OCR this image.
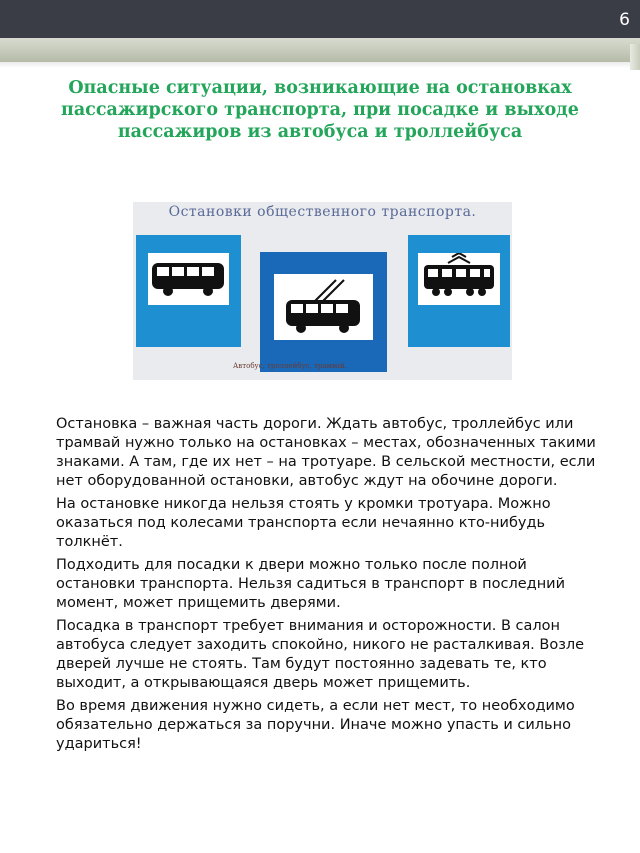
6
Опасные ситуации, возникающие на остановках пассажирского транспорта, при посадке и выходе пассажиров из автобуса и троллейбуса
Остановки общественного транспорта.
Автобус, троллейбус, трамвай.

Остановка – важная часть дороги. Ждать автобус, троллейбус или трамвай нужно только на остановках – местах, обозначенных такими знаками. А там, где их нет – на тротуаре. В сельской местности, если нет оборудованной остановки, автобус ждут на обочине дороги.

На остановке никогда нельзя стоять у кромки тротуара. Можно оказаться под колесами транспорта если нечаянно кто-нибудь толкнёт.

Подходить для посадки к двери можно только после полной остановки транспорта. Нельзя садиться в транспорт в последний момент, может прищемить дверями.

Посадка в транспорт требует внимания и осторожности. В салон автобуса следует заходить спокойно, никого не расталкивая. Возле дверей лучше не стоять. Там будут постоянно задевать те, кто выходит, а открывающаяся дверь может прищемить.

Во время движения нужно сидеть, а если нет мест, то необходимо обязательно держаться за поручни. Иначе можно упасть и сильно удариться!
